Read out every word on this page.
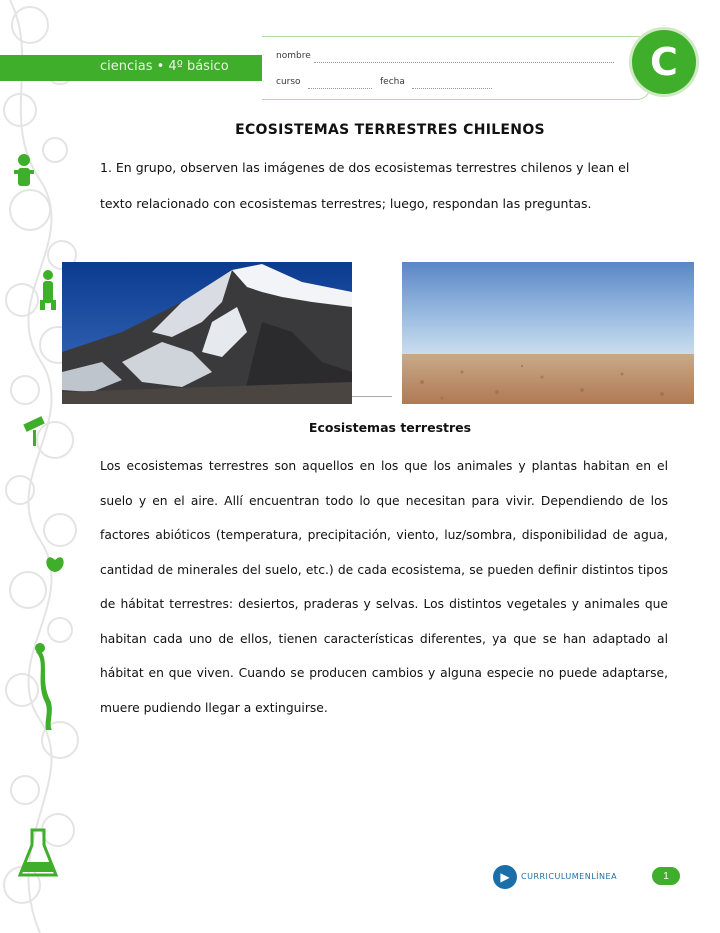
ciencias • 4º básico
nombre
curso	fecha	C
ECOSISTEMAS TERRESTRES CHILENOS
1. En grupo, observen las imágenes de dos ecosistemas terrestres chilenos y lean el texto relacionado con ecosistemas terrestres; luego, respondan las preguntas.
Ecosistemas terrestres
Los ecosistemas terrestres son aquellos en los que los animales y plantas habitan en el suelo y en el aire. Allí encuentran todo lo que necesitan para vivir. Dependiendo de los factores abióticos (temperatura, precipitación, viento, luz/sombra, disponibilidad de agua, cantidad de minerales del suelo, etc.) de cada ecosistema, se pueden definir distintos tipos de hábitat terrestres: desiertos, praderas y selvas. Los distintos vegetales y animales que habitan cada uno de ellos, tienen características diferentes, ya que se han adaptado al hábitat en que viven. Cuando se producen cambios y alguna especie no puede adaptarse, muere pudiendo llegar a extinguirse.
▶	CURRICULUMENLÍNEA	1
